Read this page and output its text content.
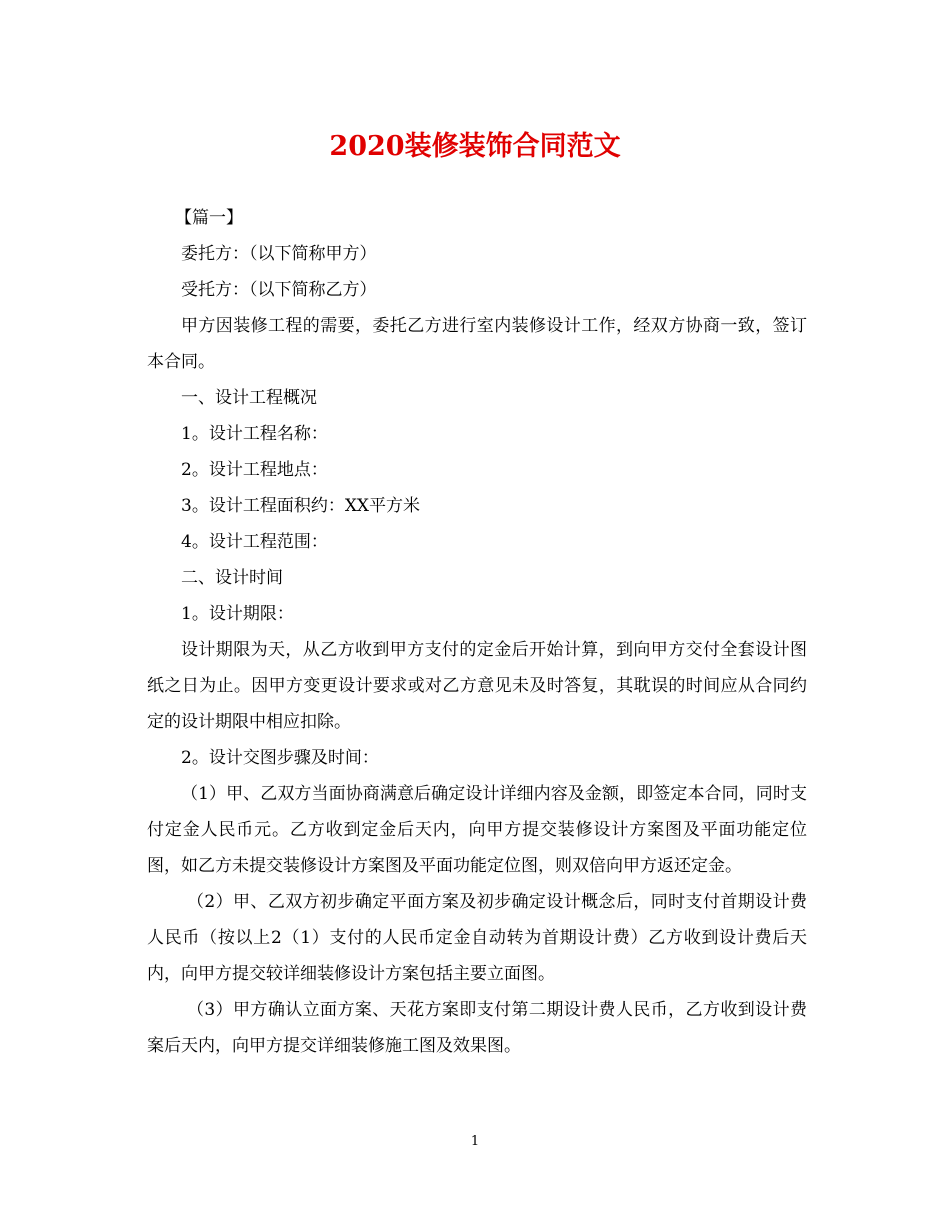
2020装修装饰合同范文

【篇一】

委托方：（以下简称甲方）

受托方：（以下简称乙方）

甲方因装修工程的需要，委托乙方进行室内装修设计工作，经双方协商一致，签订本合同。

一、设计工程概况

1。设计工程名称：

2。设计工程地点：

3。设计工程面积约：XX平方米

4。设计工程范围：

二、设计时间

1。设计期限：

设计期限为天，从乙方收到甲方支付的定金后开始计算，到向甲方交付全套设计图纸之日为止。因甲方变更设计要求或对乙方意见未及时答复，其耽误的时间应从合同约定的设计期限中相应扣除。

2。设计交图步骤及时间：

（1）甲、乙双方当面协商满意后确定设计详细内容及金额，即签定本合同，同时支付定金人民币元。乙方收到定金后天内，向甲方提交装修设计方案图及平面功能定位图，如乙方未提交装修设计方案图及平面功能定位图，则双倍向甲方返还定金。

（2）甲、乙双方初步确定平面方案及初步确定设计概念后，同时支付首期设计费人民币（按以上2（1）支付的人民币定金自动转为首期设计费）乙方收到设计费后天内，向甲方提交较详细装修设计方案包括主要立面图。

（3）甲方确认立面方案、天花方案即支付第二期设计费人民币，乙方收到设计费案后天内，向甲方提交详细装修施工图及效果图。

1
